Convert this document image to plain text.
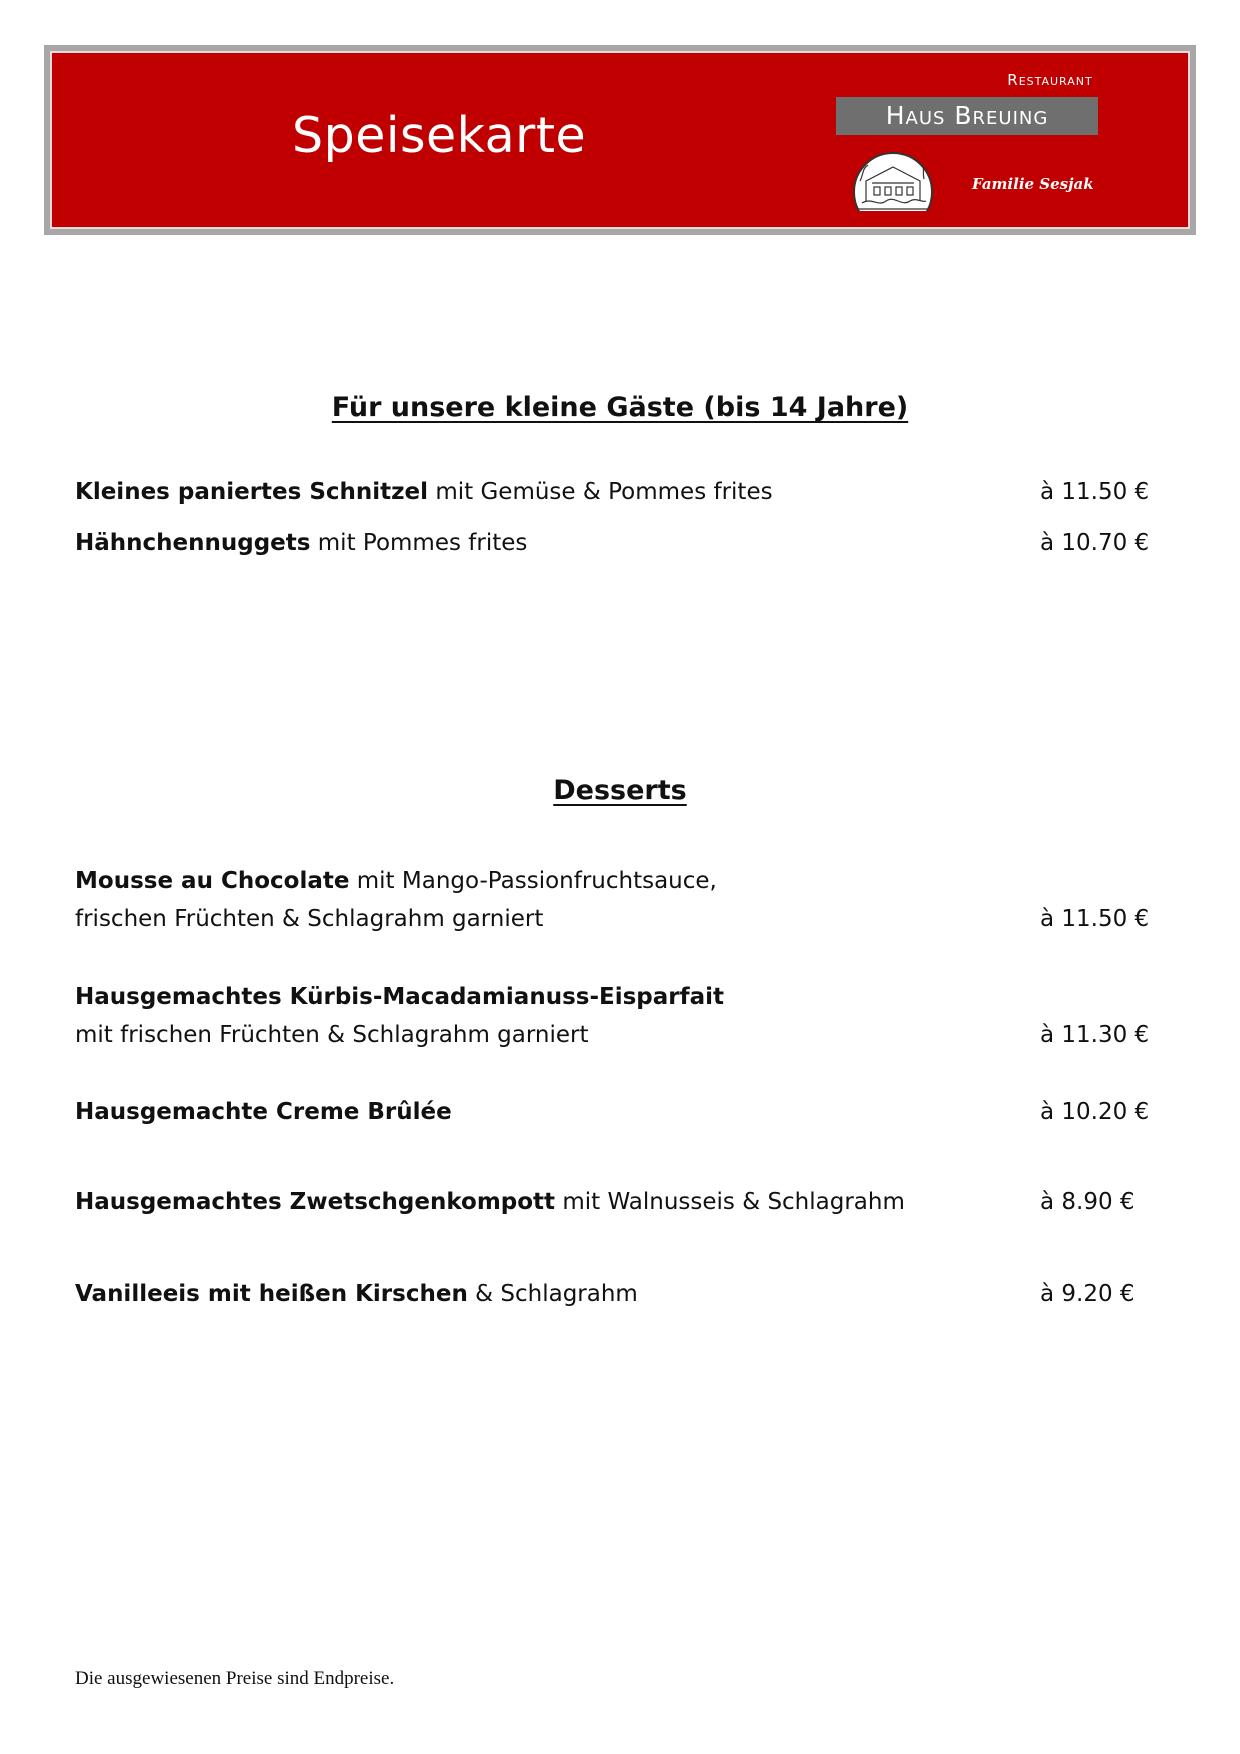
Speisekarte
Restaurant
Haus Breuing
Familie Sesjak
Für unsere kleine Gäste (bis 14 Jahre)
Kleines paniertes Schnitzel mit Gemüse & Pommes frites	à 11.50 €
Hähnchennuggets mit Pommes frites	à 10.70 €
Desserts
Mousse au Chocolate mit Mango-Passionfruchtsauce,
frischen Früchten & Schlagrahm garniert	à 11.50 €
Hausgemachtes Kürbis-Macadamianuss-Eisparfait
mit frischen Früchten & Schlagrahm garniert	à 11.30 €
Hausgemachte Creme Brûlée	à 10.20 €
Hausgemachtes Zwetschgenkompott mit Walnusseis & Schlagrahm	à 8.90 €
Vanilleeis mit heißen Kirschen & Schlagrahm	à 9.20 €

Die ausgewiesenen Preise sind Endpreise.
